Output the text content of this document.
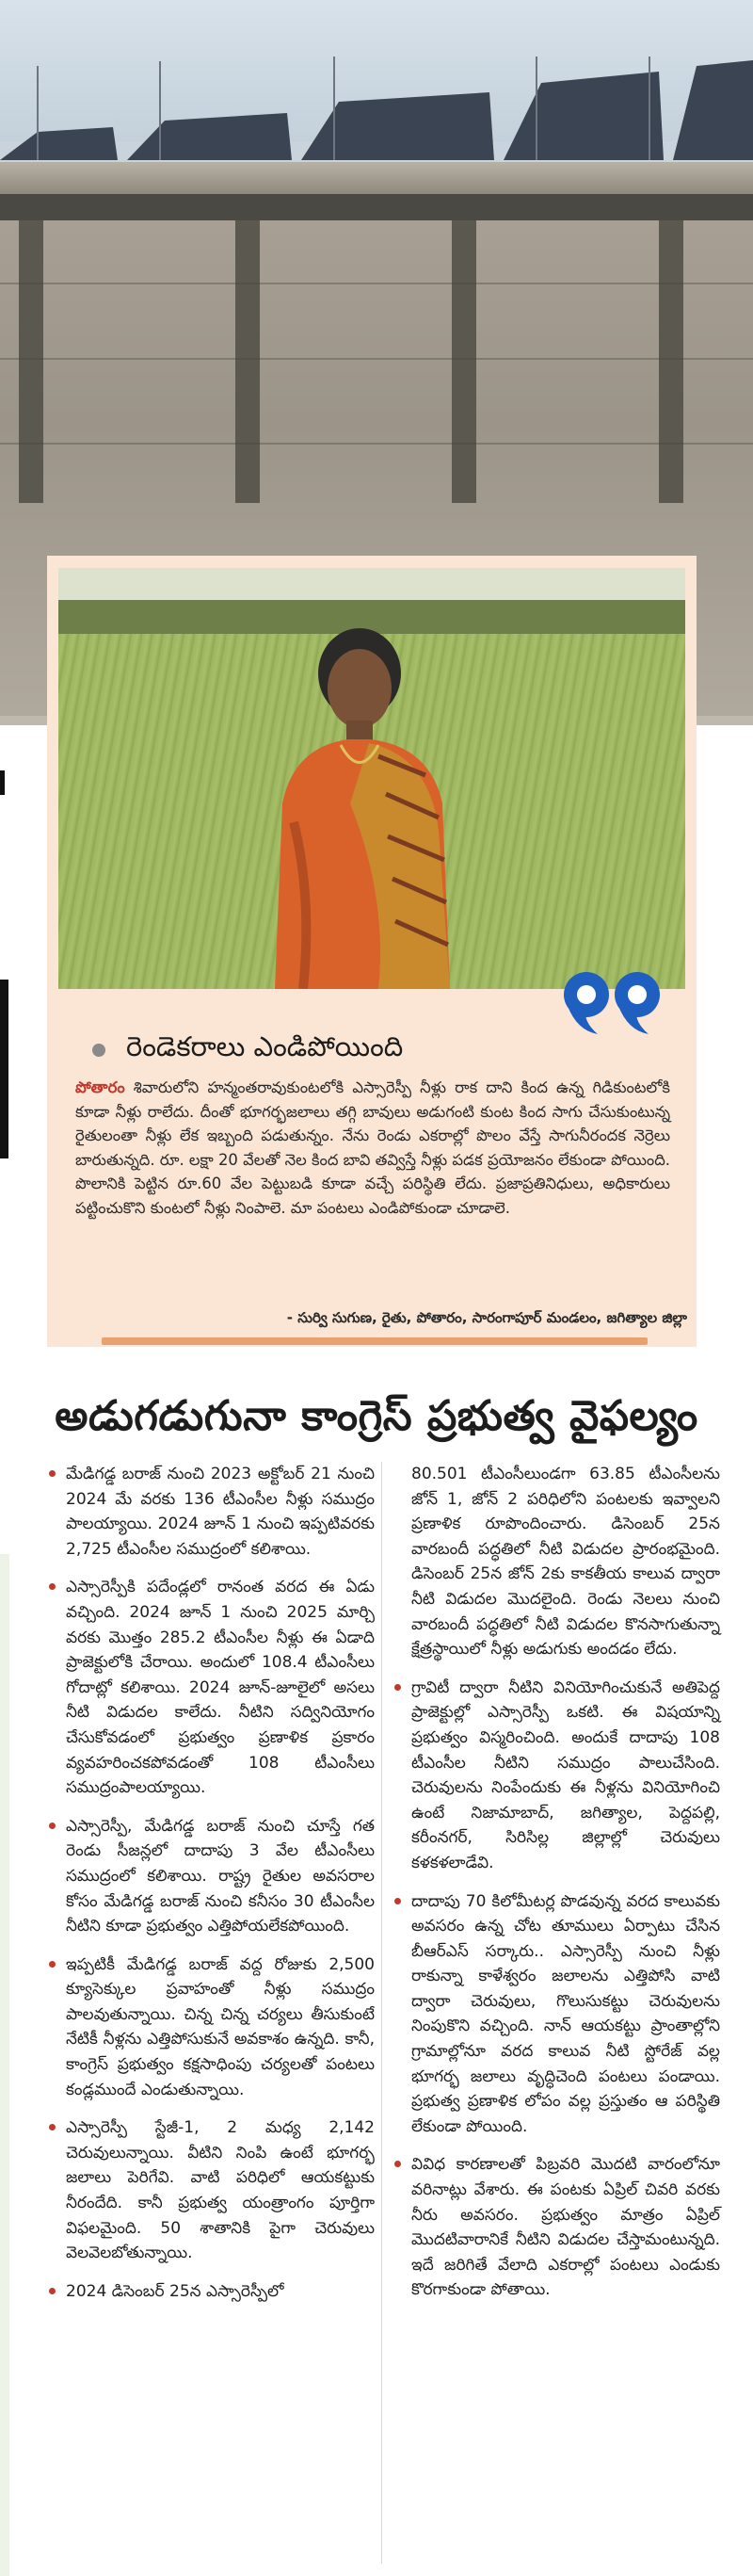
రెండెకరాలు ఎండిపోయింది
పోతారం శివారులోని హన్మంతరావుకుంటలోకి ఎస్సారెస్పీ నీళ్లు రాక దాని కింద ఉన్న గిడికుంటలోకి కూడా నీళ్లు రాలేదు. దీంతో భూగర్భజలాలు తగ్గి బావులు అడుగంటి కుంట కింద సాగు చేసుకుంటున్న రైతులంతా నీళ్లు లేక ఇబ్బంది పడుతున్నం. నేను రెండు ఎకరాల్లో పొలం వేస్తే సాగునీరందక నెర్రెలు బారుతున్నది. రూ. లక్షా 20 వేలతో నెల కింద బావి తవ్విస్తే నీళ్లు పడక ప్రయోజనం లేకుండా పోయింది. పొలానికి పెట్టిన రూ.60 వేల పెట్టుబడి కూడా వచ్చే పరిస్థితి లేదు. ప్రజాప్రతినిధులు, అధికారులు పట్టించుకొని కుంటలో నీళ్లు నింపాలె. మా పంటలు ఎండిపోకుండా చూడాలె.
- సుర్వి సుగుణ, రైతు, పోతారం, సారంగాపూర్ మండలం, జగిత్యాల జిల్లా
అడుగడుగునా కాంగ్రెస్ ప్రభుత్వ వైఫల్యం

మేడిగడ్డ బరాజ్ నుంచి 2023 అక్టోబర్ 21 నుంచి 2024 మే వరకు 136 టీఎంసీల నీళ్లు సముద్రం పాలయ్యాయి. 2024 జూన్ 1 నుంచి ఇప్పటివరకు 2,725 టీఎంసీల సముద్రంలో కలిశాయి.

ఎస్సారెస్పీకి పదేండ్లలో రానంత వరద ఈ ఏడు వచ్చింది. 2024 జూన్ 1 నుంచి 2025 మార్చి వరకు మొత్తం 285.2 టీఎంసీల నీళ్లు ఈ ఏడాది ప్రాజెక్టులోకి చేరాయి. అందులో 108.4 టీఎంసీలు గోదాట్లో కలిశాయి. 2024 జూన్-జూలైలో అసలు నీటి విడుదల కాలేదు. నీటిని సద్వినియోగం చేసుకోవడంలో ప్రభుత్వం ప్రణాళిక ప్రకారం వ్యవహరించకపోవడంతో 108 టీఎంసీలు సముద్రంపాలయ్యాయి.

ఎస్సారెస్పీ, మేడిగడ్డ బరాజ్ నుంచి చూస్తే గత రెండు సీజన్లలో దాదాపు 3 వేల టీఎంసీలు సముద్రంలో కలిశాయి. రాష్ట్ర రైతుల అవసరాల కోసం మేడిగడ్డ బరాజ్ నుంచి కనీసం 30 టీఎంసీల నీటిని కూడా ప్రభుత్వం ఎత్తిపోయలేకపోయింది.

ఇప్పటికీ మేడిగడ్డ బరాజ్ వద్ద రోజుకు 2,500 క్యూసెక్కుల ప్రవాహంతో నీళ్లు సముద్రం పాలవుతున్నాయి. చిన్న చిన్న చర్యలు తీసుకుంటే నేటికీ నీళ్లను ఎత్తిపోసుకునే అవకాశం ఉన్నది. కానీ, కాంగ్రెస్ ప్రభుత్వం కక్షసాధింపు చర్యలతో పంటలు కండ్లముందే ఎండుతున్నాయి.

ఎస్సారెస్పీ స్టేజీ-1, 2 మధ్య 2,142 చెరువులున్నాయి. వీటిని నింపి ఉంటే భూగర్భ జలాలు పెరిగేవి. వాటి పరిధిలో ఆయకట్టుకు నీరందేది. కానీ ప్రభుత్వ యంత్రాంగం పూర్తిగా విఫలమైంది. 50 శాతానికి పైగా చెరువులు వెలవెలబోతున్నాయి.

2024 డిసెంబర్ 25న ఎస్సారెస్పీలో

80.501 టీఎంసీలుండగా 63.85 టీఎంసీలను జోన్ 1, జోన్ 2 పరిధిలోని పంటలకు ఇవ్వాలని ప్రణాళిక రూపొందించారు. డిసెంబర్ 25న వారబందీ పద్ధతిలో నీటి విడుదల ప్రారంభమైంది. డిసెంబర్ 25న జోన్ 2కు కాకతీయ కాలువ ద్వారా నీటి విడుదల మొదలైంది. రెండు నెలలు నుంచి వారబందీ పద్ధతిలో నీటి విడుదల కొనసాగుతున్నా క్షేత్రస్థాయిలో నీళ్లు అడుగుకు అందడం లేదు.

గ్రావిటీ ద్వారా నీటిని వినియోగించుకునే అతిపెద్ద ప్రాజెక్టుల్లో ఎస్సారెస్పీ ఒకటి. ఈ విషయాన్ని ప్రభుత్వం విస్మరించింది. అందుకే దాదాపు 108 టీఎంసీల నీటిని సముద్రం పాలుచేసింది. చెరువులను నింపేందుకు ఈ నీళ్లను వినియోగించి ఉంటే నిజామాబాద్, జగిత్యాల, పెద్దపల్లి, కరీంనగర్, సిరిసిల్ల జిల్లాల్లో చెరువులు కళకళలాడేవి.

దాదాపు 70 కిలోమీటర్ల పొడవున్న వరద కాలువకు అవసరం ఉన్న చోట తూములు ఏర్పాటు చేసిన బీఆర్ఎస్ సర్కారు.. ఎస్సారెస్పీ నుంచి నీళ్లు రాకున్నా కాళేశ్వరం జలాలను ఎత్తిపోసి వాటి ద్వారా చెరువులు, గొలుసుకట్టు చెరువులను నింపుకొని వచ్చింది. నాన్ ఆయకట్టు ప్రాంతాల్లోని గ్రామాల్లోనూ వరద కాలువ నీటి స్టోరేజ్ వల్ల భూగర్భ జలాలు వృద్ధిచెంది పంటలు పండాయి. ప్రభుత్వ ప్రణాళిక లోపం వల్ల ప్రస్తుతం ఆ పరిస్థితి లేకుండా పోయింది.

వివిధ కారణాలతో పిబ్రవరి మొదటి వారంలోనూ వరినాట్లు వేశారు. ఈ పంటకు ఏప్రిల్ చివరి వరకు నీరు అవసరం. ప్రభుత్వం మాత్రం ఏప్రిల్ మొదటివారానికే నీటిని విడుదల చేస్తామంటున్నది. ఇదే జరిగితే వేలాది ఎకరాల్లో పంటలు ఎండుకు కొరగాకుండా పోతాయి.
